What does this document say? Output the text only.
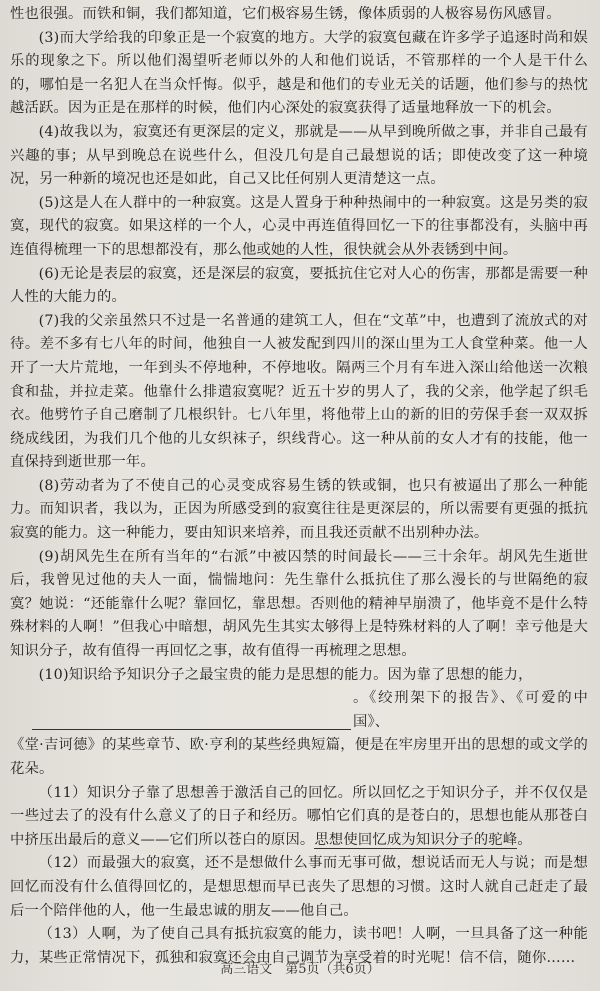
性也很强。而铁和铜，我们都知道，它们极容易生锈，像体质弱的人极容易伤风感冒。

(3)而大学给我的印象正是一个寂寞的地方。大学的寂寞包藏在许多学子追逐时尚和娱乐的现象之下。所以他们渴望听老师以外的人和他们说话，不管那样的一个人是干什么的，哪怕是一名犯人在当众忏悔。似乎，越是和他们的专业无关的话题，他们参与的热忱越活跃。因为正是在那样的时候，他们内心深处的寂寞获得了适量地释放一下的机会。

(4)故我以为，寂寞还有更深层的定义，那就是——从早到晚所做之事，并非自己最有兴趣的事；从早到晚总在说些什么，但没几句是自己最想说的话；即使改变了这一种境况，另一种新的境况也还是如此，自己又比任何别人更清楚这一点。

(5)这是人在人群中的一种寂寞。这是人置身于种种热闹中的一种寂寞。这是另类的寂寞，现代的寂寞。如果这样的一个人，心灵中再连值得回忆一下的往事都没有，头脑中再连值得梳理一下的思想都没有，那么他或她的人性，很快就会从外表锈到中间。

(6)无论是表层的寂寞，还是深层的寂寞，要抵抗住它对人心的伤害，那都是需要一种人性的大能力的。

(7)我的父亲虽然只不过是一名普通的建筑工人，但在“文革”中，也遭到了流放式的对待。差不多有七八年的时间，他独自一人被发配到四川的深山里为工人食堂种菜。他一人开了一大片荒地，一年到头不停地种，不停地收。隔两三个月有车进入深山给他送一次粮食和盐，并拉走菜。他靠什么排遣寂寞呢？近五十岁的男人了，我的父亲，他学起了织毛衣。他劈竹子自己磨制了几根织针。七八年里，将他带上山的新的旧的劳保手套一双双拆绕成线团，为我们几个他的儿女织袜子，织线背心。这一种从前的女人才有的技能，他一直保持到逝世那一年。

(8)劳动者为了不使自己的心灵变成容易生锈的铁或铜，也只有被逼出了那么一种能力。而知识者，我以为，正因为所感受到的寂寞往往是更深层的，所以需要有更强的抵抗寂寞的能力。这一种能力，要由知识来培养，而且我还贡献不出别种办法。

(9)胡风先生在所有当年的“右派”中被囚禁的时间最长——三十余年。胡风先生逝世后，我曾见过他的夫人一面，惴惴地问：先生靠什么抵抗住了那么漫长的与世隔绝的寂寞？她说：“还能靠什么呢？靠回忆，靠思想。否则他的精神早崩溃了，他毕竟不是什么特殊材料的人啊！”但我心中暗想，胡风先生其实太够得上是特殊材料的人了啊！幸亏他是大知识分子，故有值得一再回忆之事，故有值得一再梳理之思想。

(10)知识给予知识分子之最宝贵的能力是思想的能力。因为靠了思想的能力，

。《绞刑架下的报告》、《可爱的中国》、

《堂·吉诃德》的某些章节、欧·亨利的某些经典短篇，便是在牢房里开出的思想的或文学的花朵。

（11）知识分子靠了思想善于激活自己的回忆。所以回忆之于知识分子，并不仅仅是一些过去了的没有什么意义了的日子和经历。哪怕它们真的是苍白的，思想也能从那苍白中挤压出最后的意义——它们所以苍白的原因。思想使回忆成为知识分子的驼峰。

（12）而最强大的寂寞，还不是想做什么事而无事可做，想说话而无人与说；而是想回忆而没有什么值得回忆的，是想思想而早已丧失了思想的习惯。这时人就自己赶走了最后一个陪伴他的人，他一生最忠诚的朋友——他自己。

（13）人啊，为了使自己具有抵抗寂寞的能力，读书吧！人啊，一旦具备了这一种能力，某些正常情况下，孤独和寂寞还会由自己调节为享受着的时光呢！信不信，随你……

高三语文　第5页（共6页）
